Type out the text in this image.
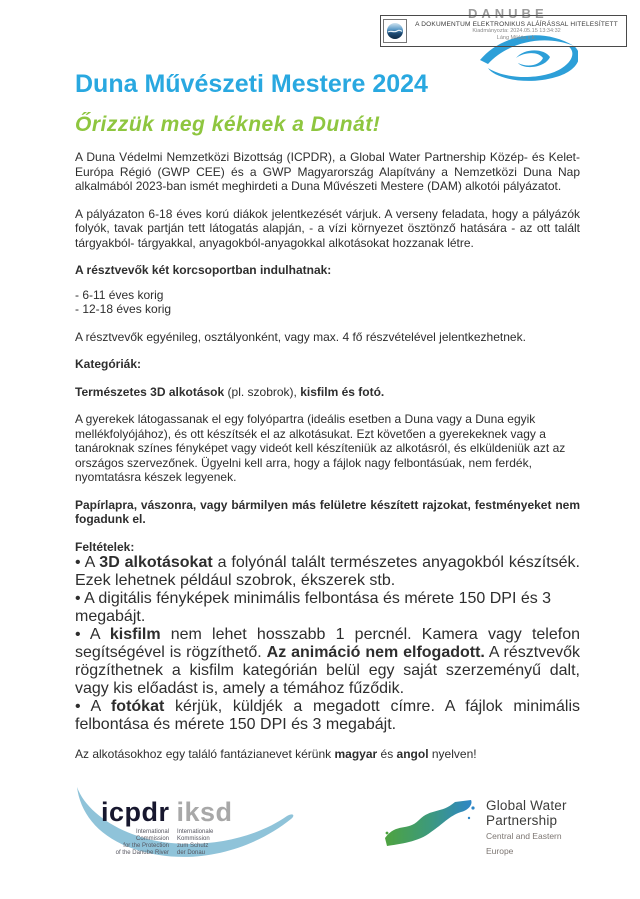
DANUBE
A DOKUMENTUM ELEKTRONIKUS ALÁÍRÁSSAL HITELESÍTETT
Kiadmányozta: 2024.05.15 13:34:32
Láng Miklós s.k.
Duna Művészeti Mestere 2024
Őrizzük meg kéknek a Dunát!

A Duna Védelmi Nemzetközi Bizottság (ICPDR), a Global Water Partnership Közép- és Kelet-Európa Régió (GWP CEE) és a GWP Magyarország Alapítvány a Nemzetközi Duna Nap alkalmából 2023-ban ismét meghirdeti a Duna Művészeti Mestere (DAM) alkotói pályázatot.

A pályázaton 6-18 éves korú diákok jelentkezését várjuk. A verseny feladata, hogy a pályázók folyók, tavak partján tett látogatás alapján, - a vízi környezet ösztönző hatására - az ott talált tárgyakból- tárgyakkal, anyagokból-anyagokkal alkotásokat hozzanak létre.

A résztvevők két korcsoportban indulhatnak:

- 6-11 éves korig

- 12-18 éves korig

A résztvevők egyénileg, osztályonként, vagy max. 4 fő részvételével jelentkezhetnek.

Kategóriák:

Természetes 3D alkotások (pl. szobrok), kisfilm és fotó.

A gyerekek látogassanak el egy folyópartra (ideális esetben a Duna vagy a Duna egyik mellékfolyójához), és ott készítsék el az alkotásukat. Ezt követően a gyerekeknek vagy a tanároknak színes fényképet vagy videót kell készíteniük az alkotásról, és elküldeniük azt az országos szervezőnek. Ügyelni kell arra, hogy a fájlok nagy felbontásúak, nem ferdék, nyomtatásra készek legyenek.

Papírlapra, vászonra, vagy bármilyen más felületre készített rajzokat, festményeket nem fogadunk el.

Feltételek:

• A 3D alkotásokat a folyónál talált természetes anyagokból készítsék. Ezek lehetnek például szobrok, ékszerek stb.

• A digitális fényképek minimális felbontása és mérete 150 DPI és 3 megabájt.

• A kisfilm nem lehet hosszabb 1 percnél. Kamera vagy telefon segítségével is rögzíthető. Az animáció nem elfogadott. A résztvevők rögzíthetnek a kisfilm kategórián belül egy saját szerzeményű dalt, vagy kis előadást is, amely a témához fűződik.

• A fotókat kérjük, küldjék a megadott címre. A fájlok minimális felbontása és mérete 150 DPI és 3 megabájt.

Az alkotásokhoz egy találó fantázianevet kérünk magyar és angol nyelven!

icpdr iksd
International
Commission
for the Protection
of the Danube River
Internationale
Kommission
zum Schutz
der Donau
Global Water
Partnership
Central and Eastern Europe
